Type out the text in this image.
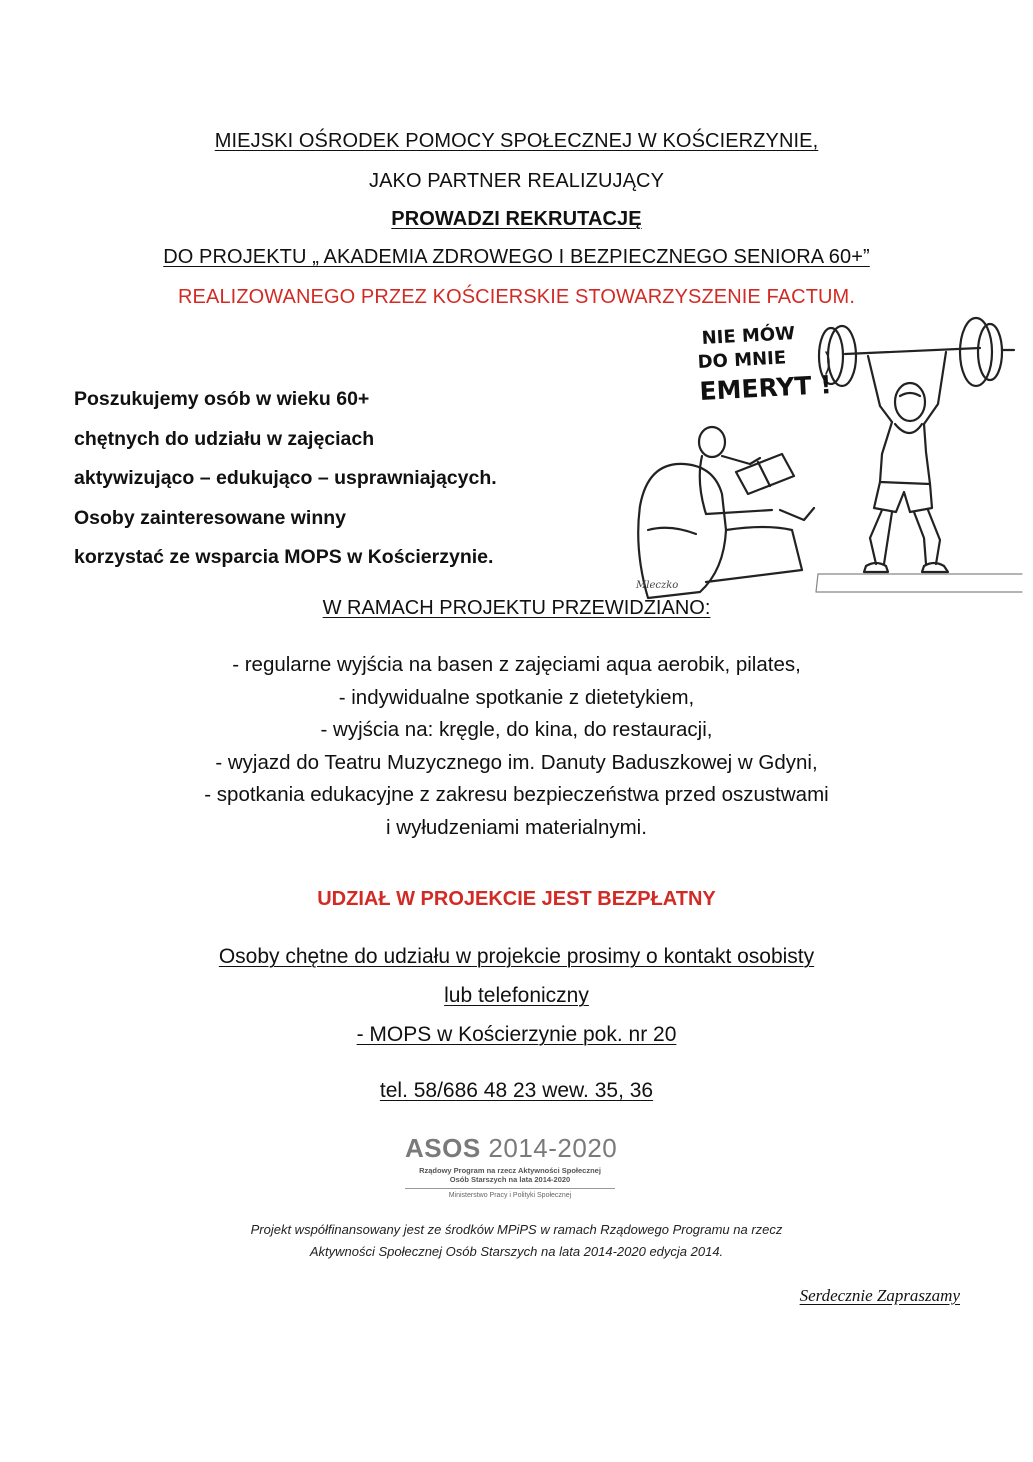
MIEJSKI OŚRODEK POMOCY SPOŁECZNEJ W KOŚCIERZYNIE,
JAKO PARTNER REALIZUJĄCY
PROWADZI REKRUTACJĘ
DO PROJEKTU „ AKADEMIA ZDROWEGO I BEZPIECZNEGO SENIORA 60+”
REALIZOWANEGO PRZEZ KOŚCIERSKIE STOWARZYSZENIE FACTUM.
Poszukujemy osób w wieku 60+
chętnych do udziału w zajęciach
aktywizująco – edukująco – usprawniających.
Osoby zainteresowane winny
korzystać ze wsparcia MOPS w Kościerzynie.
NIE MÓW
DO MNIE
EMERYT !
Mleczko
W RAMACH PROJEKTU PRZEWIDZIANO:
- regularne wyjścia na basen z zajęciami aqua aerobik, pilates,
- indywidualne spotkanie z dietetykiem,
- wyjścia na: kręgle, do kina, do restauracji,
- wyjazd do Teatru Muzycznego im. Danuty Baduszkowej w Gdyni,
- spotkania edukacyjne z zakresu bezpieczeństwa przed oszustwami
i wyłudzeniami materialnymi.
UDZIAŁ W PROJEKCIE JEST BEZPŁATNY
Osoby chętne do udziału w projekcie prosimy o kontakt osobisty
lub telefoniczny
- MOPS w Kościerzynie pok. nr 20
tel. 58/686 48 23 wew. 35, 36
ASOS 2014-2020
Rządowy Program na rzecz Aktywności Społecznej
Osób Starszych na lata 2014-2020
Ministerstwo Pracy i Polityki Społecznej
Projekt współfinansowany jest ze środków MPiPS w ramach Rządowego Programu na rzecz
Aktywności Społecznej Osób Starszych na lata 2014-2020 edycja 2014.
Serdecznie Zapraszamy
